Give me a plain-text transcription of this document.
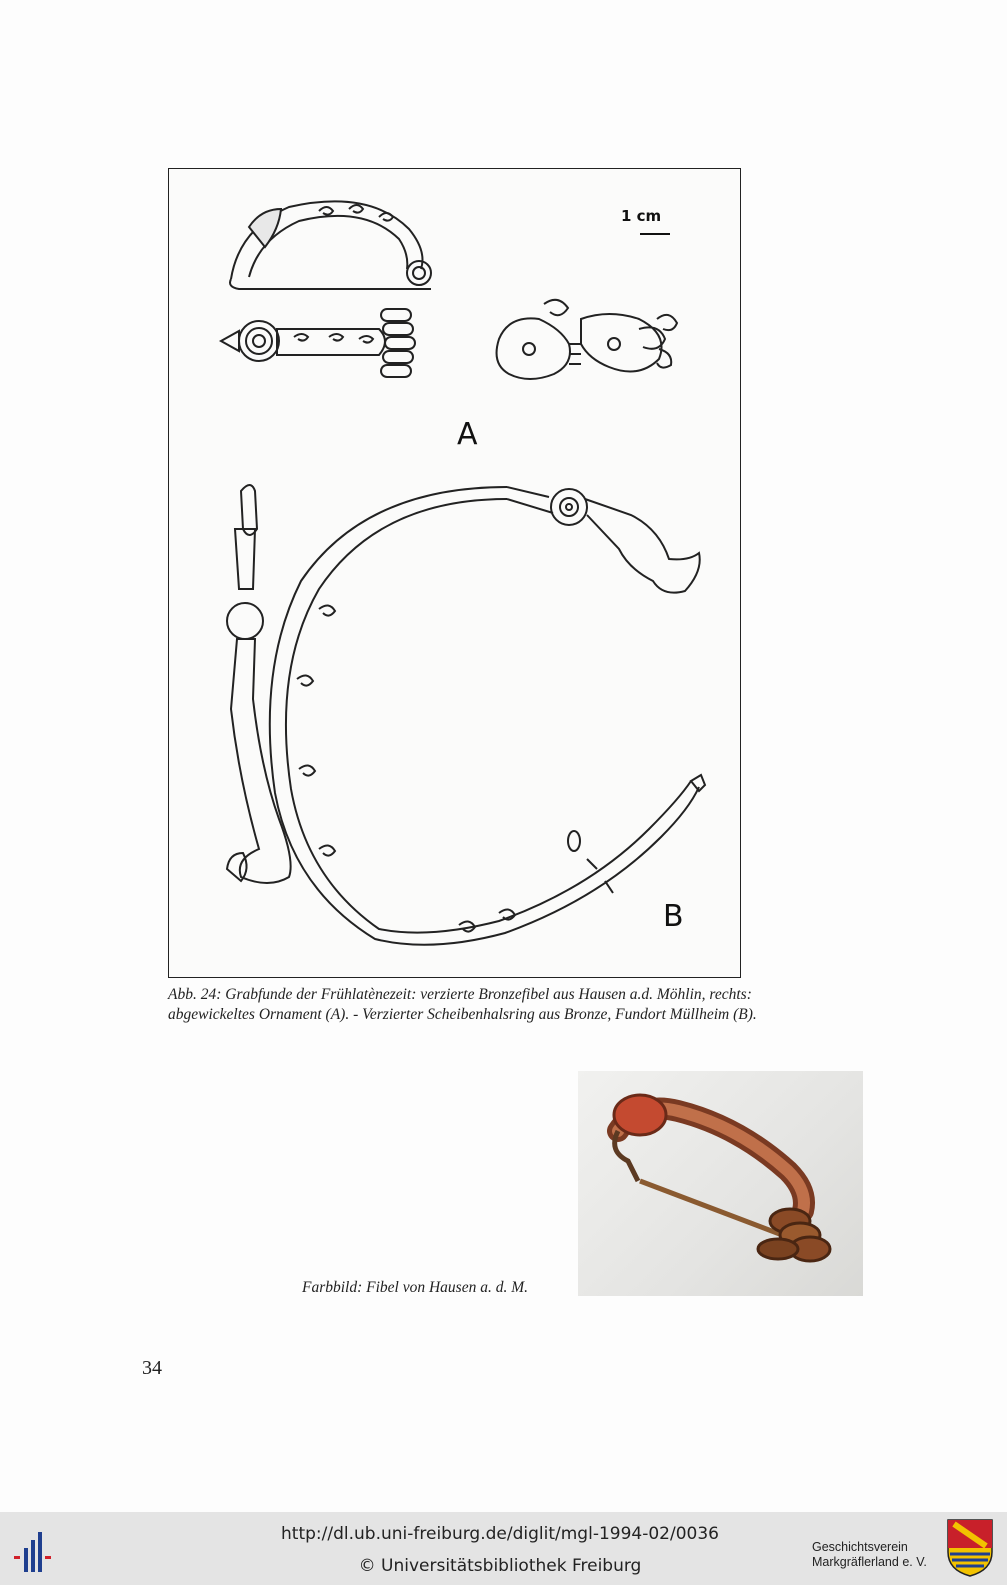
1 cm
A
B
Abb. 24: Grabfunde der Frühlatènezeit: verzierte Bronzefibel aus Hausen a.d. Möhlin, rechts:
abgewickeltes Ornament (A). - Verzierter Scheibenhalsring aus Bronze, Fundort Müllheim (B).
Farbbild: Fibel von Hausen a. d. M.
34
http://dl.ub.uni-freiburg.de/diglit/mgl-1994-02/0036
© Universitätsbibliothek Freiburg
Geschichtsverein
Markgräflerland e. V.
